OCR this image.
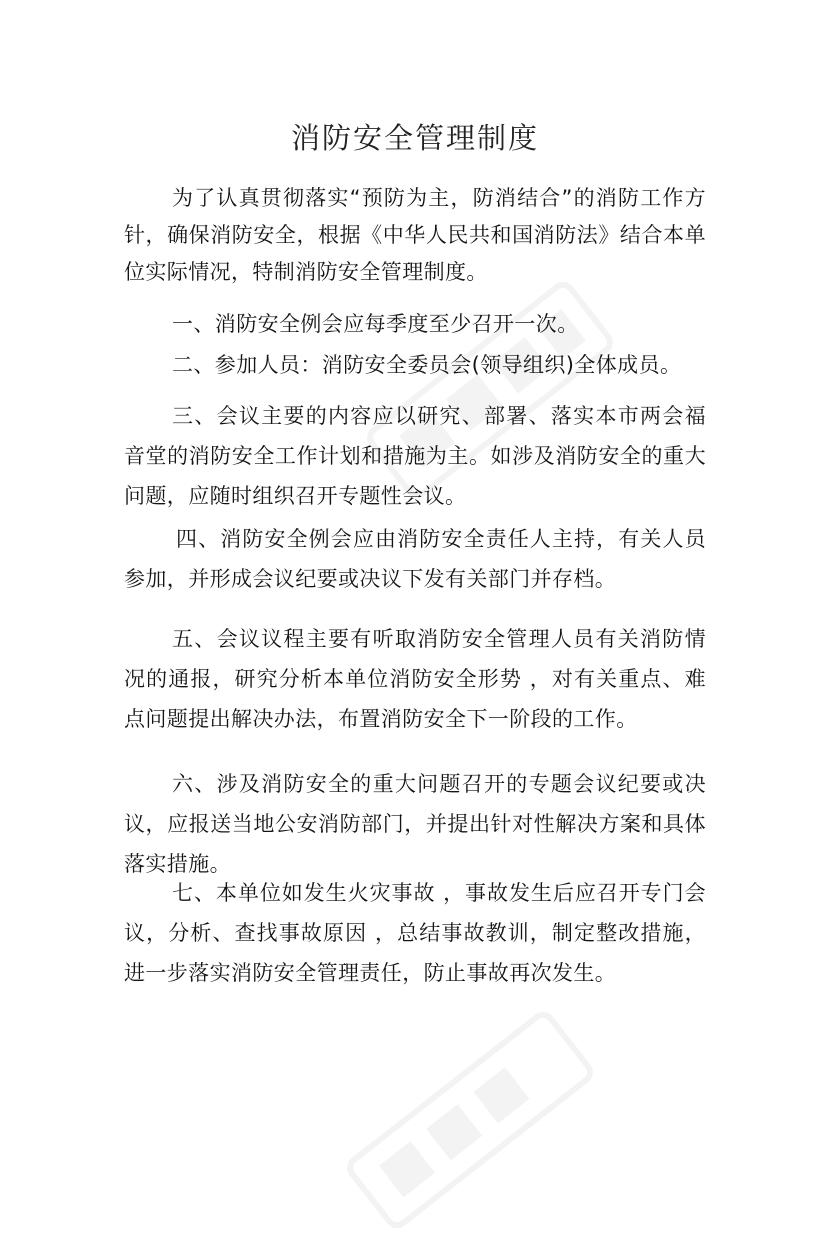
消防安全管理制度

为了认真贯彻落实“预防为主，防消结合”的消防工作方针，确保消防安全，根据《中华人民共和国消防法》结合本单位实际情况，特制消防安全管理制度。

一、消防安全例会应每季度至少召开一次。

二、参加人员：消防安全委员会(领导组织)全体成员。

三、会议主要的内容应以研究、部署、落实本市两会福音堂的消防安全工作计划和措施为主。如涉及消防安全的重大问题，应随时组织召开专题性会议。

四、消防安全例会应由消防安全责任人主持，有关人员参加，并形成会议纪要或决议下发有关部门并存档。

五、会议议程主要有听取消防安全管理人员有关消防情况的通报，研究分析本单位消防安全形势 ，对有关重点、难点问题提出解决办法，布置消防安全下一阶段的工作。

六、涉及消防安全的重大问题召开的专题会议纪要或决议，应报送当地公安消防部门，并提出针对性解决方案和具体落实措施。

七、本单位如发生火灾事故 ，事故发生后应召开专门会议，分析、查找事故原因 ，总结事故教训，制定整改措施，进一步落实消防安全管理责任，防止事故再次发生。
